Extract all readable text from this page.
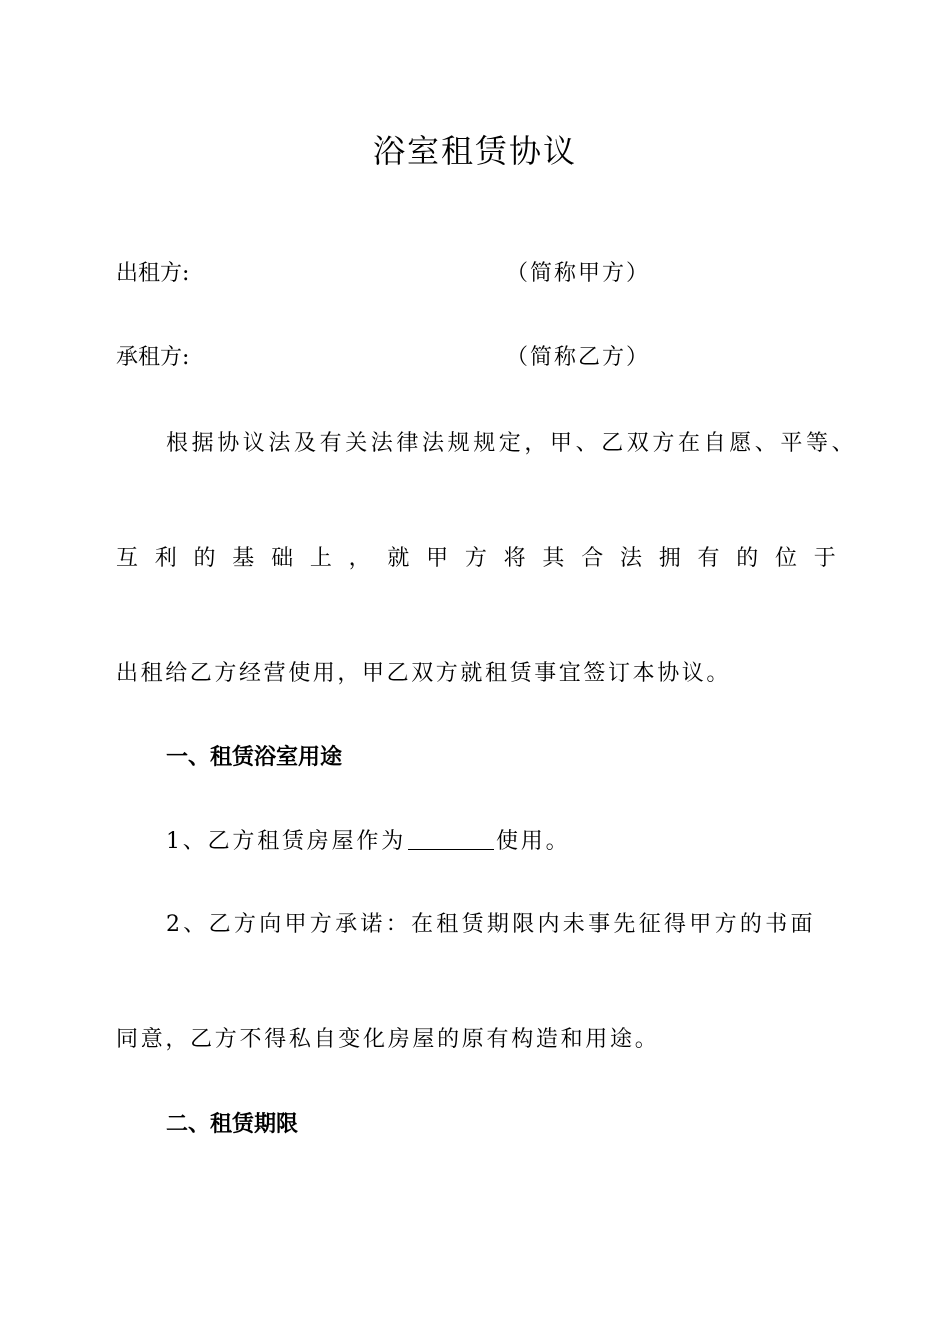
浴室租赁协议
出租方:	（简称甲方）
承租方:	（简称乙方）
根据协议法及有关法律法规规定，甲、乙双方在自愿、平等、
互 利 的 基 础 上 ， 就 甲 方 将 其 合 法 拥 有 的 位 于
出租给乙方经营使用，甲乙双方就租赁事宜签订本协议。
一、租赁浴室用途
1、乙方租赁房屋作为	使用。
2、乙方向甲方承诺：在租赁期限内未事先征得甲方的书面
同意，乙方不得私自变化房屋的原有构造和用途。
二、租赁期限
